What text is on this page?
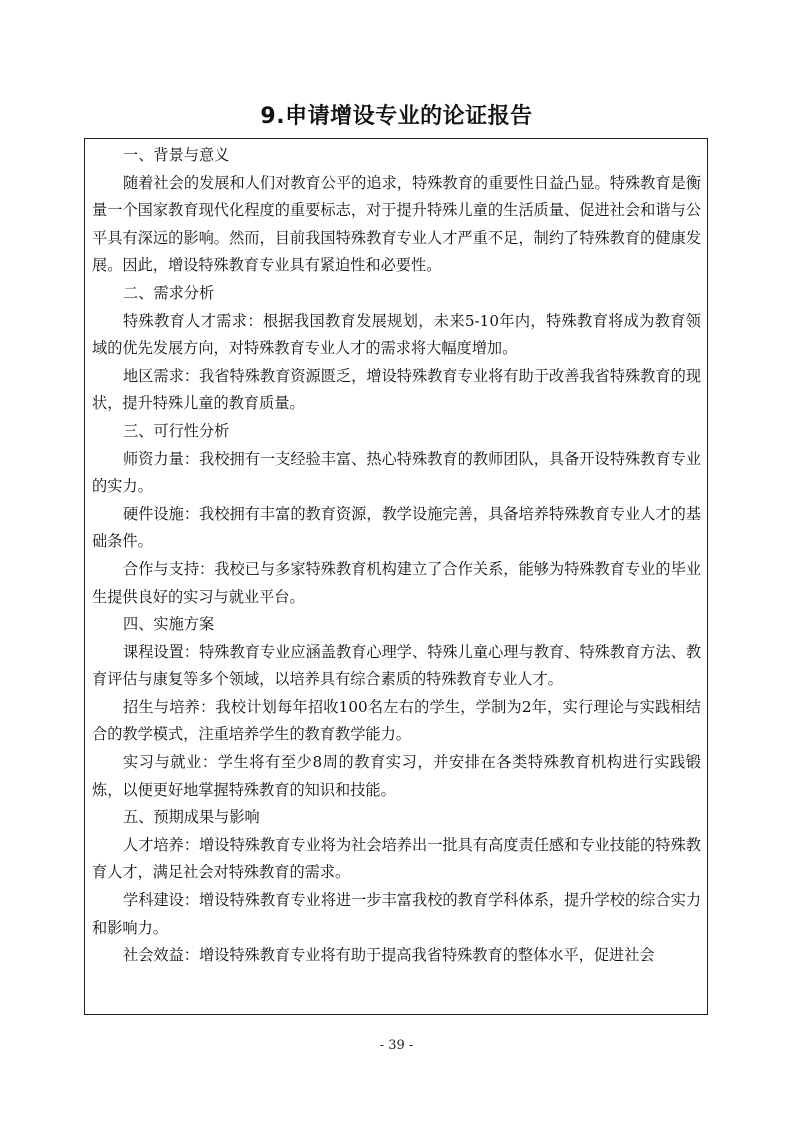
9.申请增设专业的论证报告

一、背景与意义

随着社会的发展和人们对教育公平的追求，特殊教育的重要性日益凸显。特殊教育是衡量一个国家教育现代化程度的重要标志，对于提升特殊儿童的生活质量、促进社会和谐与公平具有深远的影响。然而，目前我国特殊教育专业人才严重不足，制约了特殊教育的健康发展。因此，增设特殊教育专业具有紧迫性和必要性。

二、需求分析

特殊教育人才需求：根据我国教育发展规划，未来5-10年内，特殊教育将成为教育领域的优先发展方向，对特殊教育专业人才的需求将大幅度增加。

地区需求：我省特殊教育资源匮乏，增设特殊教育专业将有助于改善我省特殊教育的现状，提升特殊儿童的教育质量。

三、可行性分析

师资力量：我校拥有一支经验丰富、热心特殊教育的教师团队，具备开设特殊教育专业的实力。

硬件设施：我校拥有丰富的教育资源，教学设施完善，具备培养特殊教育专业人才的基础条件。

合作与支持：我校已与多家特殊教育机构建立了合作关系，能够为特殊教育专业的毕业生提供良好的实习与就业平台。

四、实施方案

课程设置：特殊教育专业应涵盖教育心理学、特殊儿童心理与教育、特殊教育方法、教育评估与康复等多个领域，以培养具有综合素质的特殊教育专业人才。

招生与培养：我校计划每年招收100名左右的学生，学制为2年，实行理论与实践相结合的教学模式，注重培养学生的教育教学能力。

实习与就业：学生将有至少8周的教育实习，并安排在各类特殊教育机构进行实践锻炼，以便更好地掌握特殊教育的知识和技能。

五、预期成果与影响

人才培养：增设特殊教育专业将为社会培养出一批具有高度责任感和专业技能的特殊教育人才，满足社会对特殊教育的需求。

学科建设：增设特殊教育专业将进一步丰富我校的教育学科体系，提升学校的综合实力和影响力。

社会效益：增设特殊教育专业将有助于提高我省特殊教育的整体水平，促进社会

- 39 -
